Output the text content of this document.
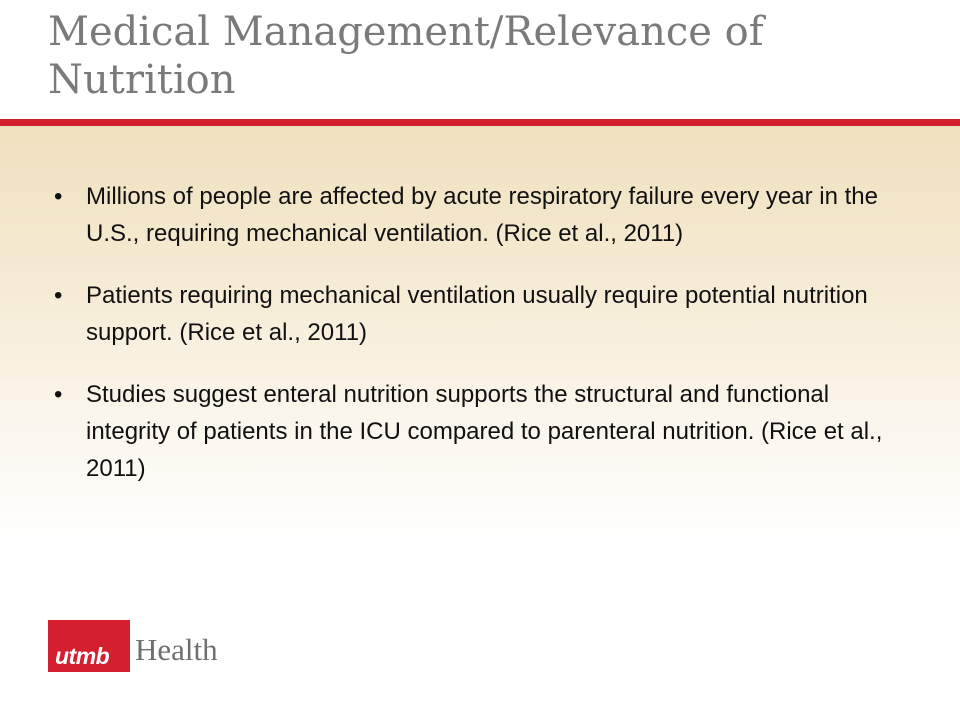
Medical Management/Relevance of Nutrition
• Millions of people are affected by acute respiratory failure every year in the U.S., requiring mechanical ventilation. (Rice et al., 2011)
• Patients requiring mechanical ventilation usually require potential nutrition support. (Rice et al., 2011)
• Studies suggest enteral nutrition supports the structural and functional integrity of patients in the ICU compared to parenteral nutrition. (Rice et al., 2011)
utmb Health
